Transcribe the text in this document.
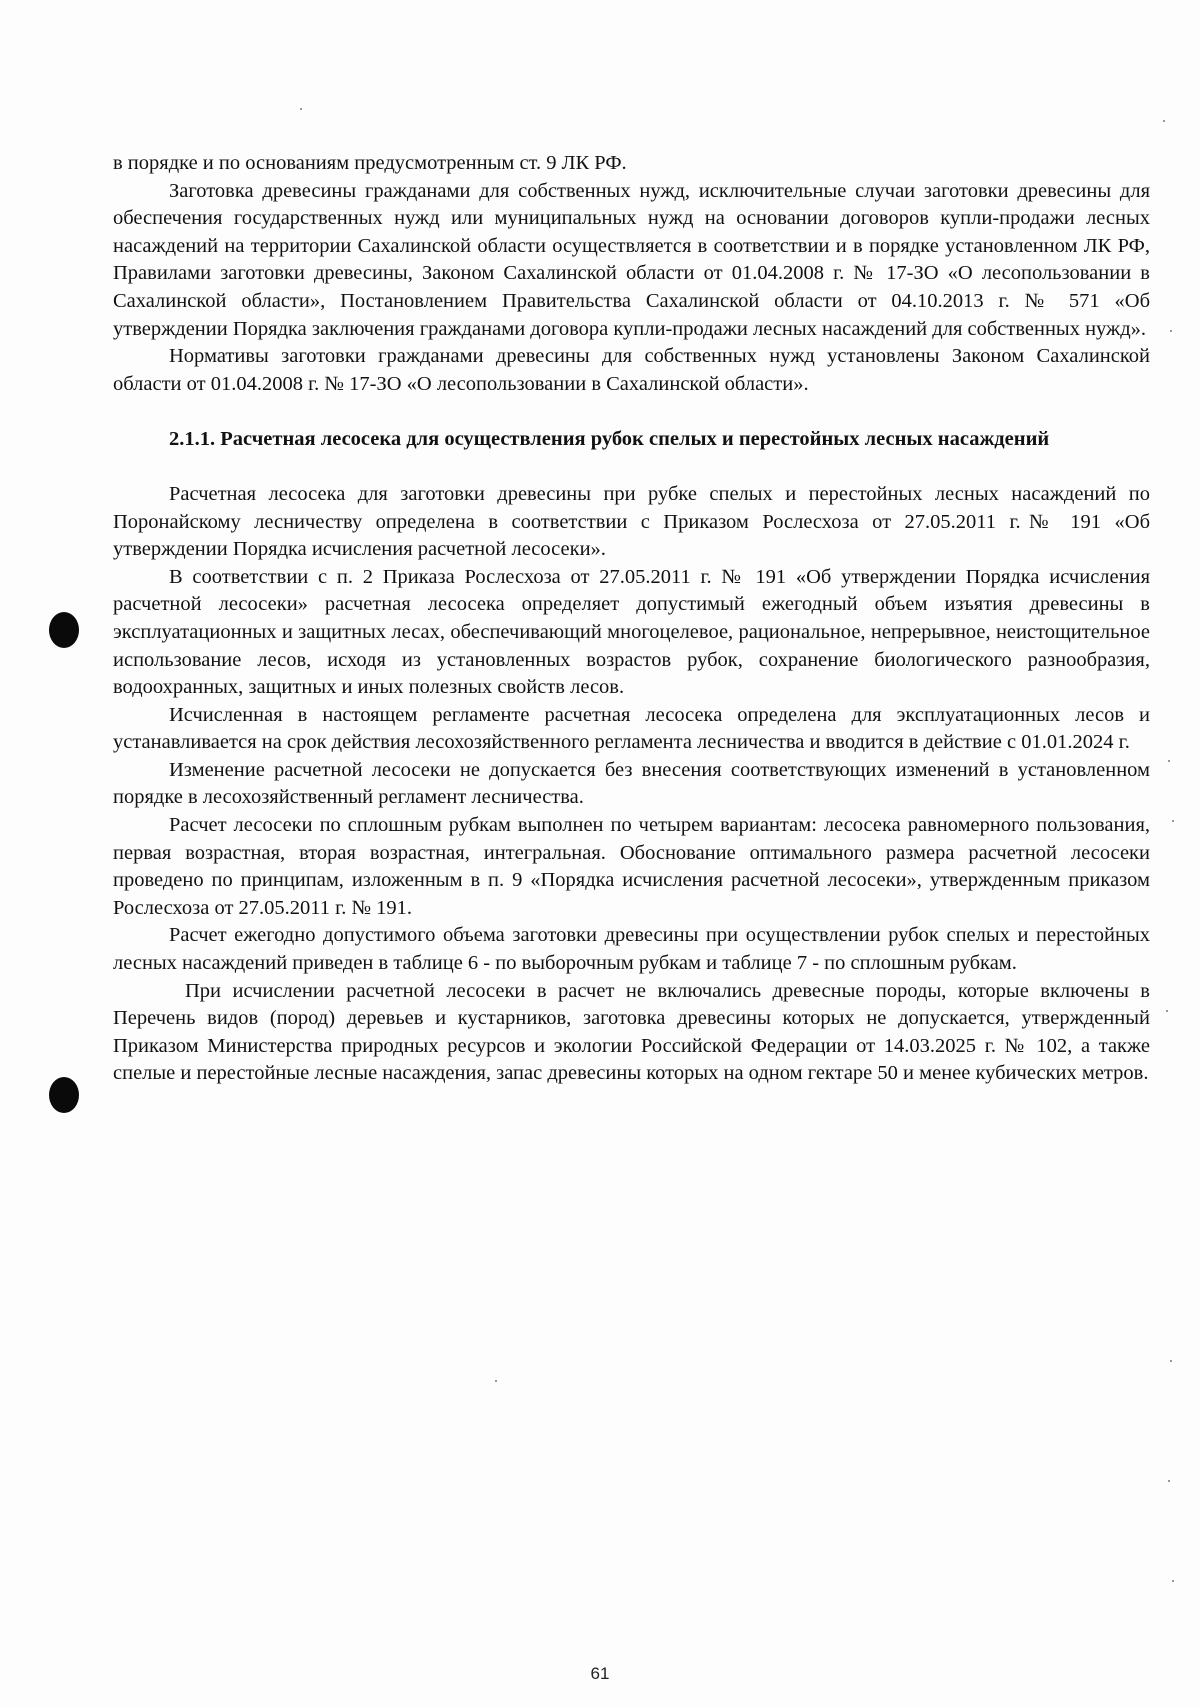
в порядке и по основаниям предусмотренным ст. 9 ЛК РФ.

Заготовка древесины гражданами для собственных нужд, исключительные случаи заготовки древесины для обеспечения государственных нужд или муниципальных нужд на основании договоров купли-продажи лесных насаждений на территории Сахалинской области осуществляется в соответствии и в порядке установленном ЛК РФ, Правилами заготовки древесины, Законом Сахалинской области от 01.04.2008 г. № 17-ЗО «О лесопользовании в Сахалинской области», Постановлением Правительства Сахалинской области от 04.10.2013 г. № 571 «Об утверждении Порядка заключения гражданами договора купли-продажи лесных насаждений для собственных нужд».

Нормативы заготовки гражданами древесины для собственных нужд установлены Законом Сахалинской области от 01.04.2008 г. № 17-ЗО «О лесопользовании в Сахалинской области».

2.1.1. Расчетная лесосека для осуществления рубок спелых и перестойных лесных насаждений

Расчетная лесосека для заготовки древесины при рубке спелых и перестойных лесных насаждений по Поронайскому лесничеству определена в соответствии с Приказом Рослесхоза от 27.05.2011 г.№ 191 «Об утверждении Порядка исчисления расчетной лесосеки».

В соответствии с п. 2 Приказа Рослесхоза от 27.05.2011 г. № 191 «Об утверждении Порядка исчисления расчетной лесосеки» расчетная лесосека определяет допустимый ежегодный объем изъятия древесины в эксплуатационных и защитных лесах, обеспечивающий многоцелевое, рациональное, непрерывное, неистощительное использование лесов, исходя из установленных возрастов рубок, сохранение биологического разнообразия, водоохранных, защитных и иных полезных свойств лесов.

Исчисленная в настоящем регламенте расчетная лесосека определена для эксплуатационных лесов и устанавливается на срок действия лесохозяйственного регламента лесничества и вводится в действие с 01.01.2024 г.

Изменение расчетной лесосеки не допускается без внесения соответствующих изменений в установленном порядке в лесохозяйственный регламент лесничества.

Расчет лесосеки по сплошным рубкам выполнен по четырем вариантам: лесосека равномерного пользования, первая возрастная, вторая возрастная, интегральная. Обоснование оптимального размера расчетной лесосеки проведено по принципам, изложенным в п. 9 «Порядка исчисления расчетной лесосеки», утвержденным приказом Рослесхоза от 27.05.2011 г. № 191.

Расчет ежегодно допустимого объема заготовки древесины при осуществлении рубок спелых и перестойных лесных насаждений приведен в таблице 6 - по выборочным рубкам и таблице 7 - по сплошным рубкам.

При исчислении расчетной лесосеки в расчет не включались древесные породы, которые включены в Перечень видов (пород) деревьев и кустарников, заготовка древесины которых не допускается, утвержденный Приказом Министерства природных ресурсов и экологии Российской Федерации от 14.03.2025 г. № 102, а также спелые и перестойные лесные насаждения, запас древесины которых на одном гектаре 50 и менее кубических метров.

61
